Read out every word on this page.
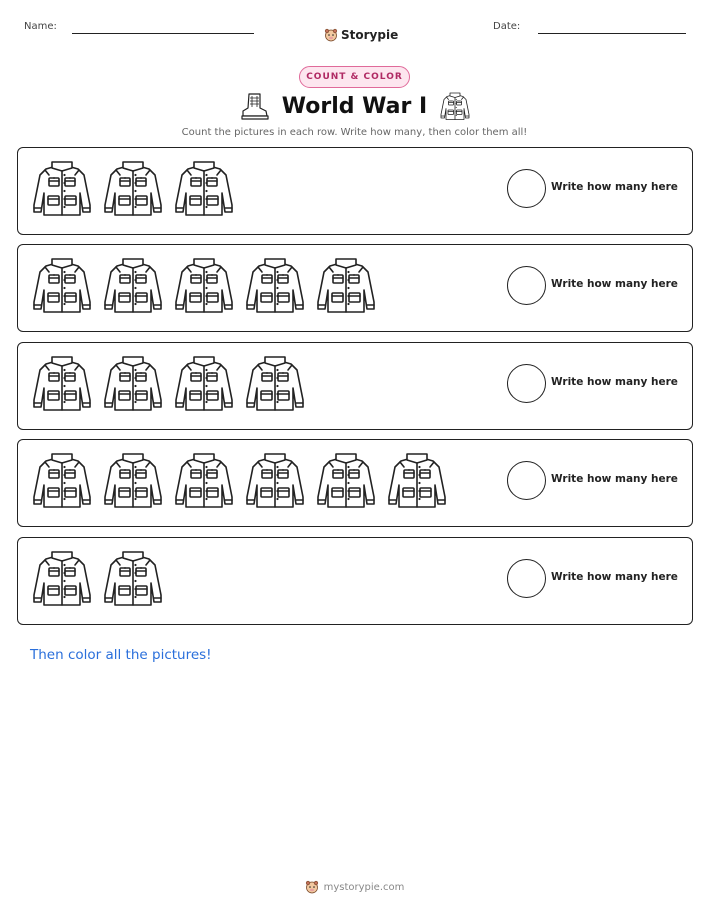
Name:
Storypie
Date:
COUNT & COLOR
World War I
Count the pictures in each row. Write how many, then color them all!
Write how many here
Write how many here
Write how many here
Write how many here
Write how many here
Then color all the pictures!
mystorypie.com
